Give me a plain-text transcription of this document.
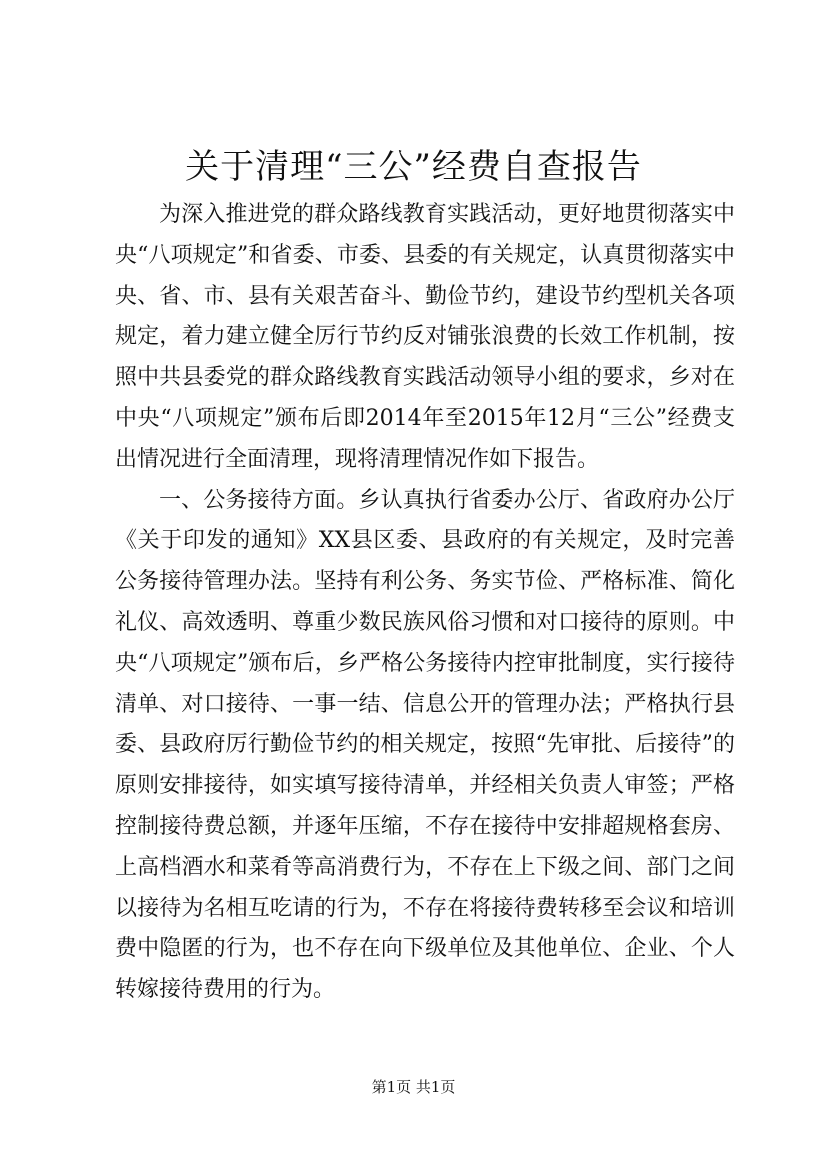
关于清理“三公”经费自查报告

为深入推进党的群众路线教育实践活动，更好地贯彻落实中央“八项规定”和省委、市委、县委的有关规定，认真贯彻落实中央、省、市、县有关艰苦奋斗、勤俭节约，建设节约型机关各项规定，着力建立健全厉行节约反对铺张浪费的长效工作机制，按照中共县委党的群众路线教育实践活动领导小组的要求，乡对在中央“八项规定”颁布后即2014年至2015年12月“三公”经费支出情况进行全面清理，现将清理情况作如下报告。

一、公务接待方面。乡认真执行省委办公厅、省政府办公厅《关于印发的通知》XX县区委、县政府的有关规定，及时完善公务接待管理办法。坚持有利公务、务实节俭、严格标准、简化礼仪、高效透明、尊重少数民族风俗习惯和对口接待的原则。中央“八项规定”颁布后，乡严格公务接待内控审批制度，实行接待清单、对口接待、一事一结、信息公开的管理办法；严格执行县委、县政府厉行勤俭节约的相关规定，按照“先审批、后接待”的原则安排接待，如实填写接待清单，并经相关负责人审签；严格控制接待费总额，并逐年压缩，不存在接待中安排超规格套房、上高档酒水和菜肴等高消费行为，不存在上下级之间、部门之间以接待为名相互吃请的行为，不存在将接待费转移至会议和培训费中隐匿的行为，也不存在向下级单位及其他单位、企业、个人转嫁接待费用的行为。

第1页 共1页
